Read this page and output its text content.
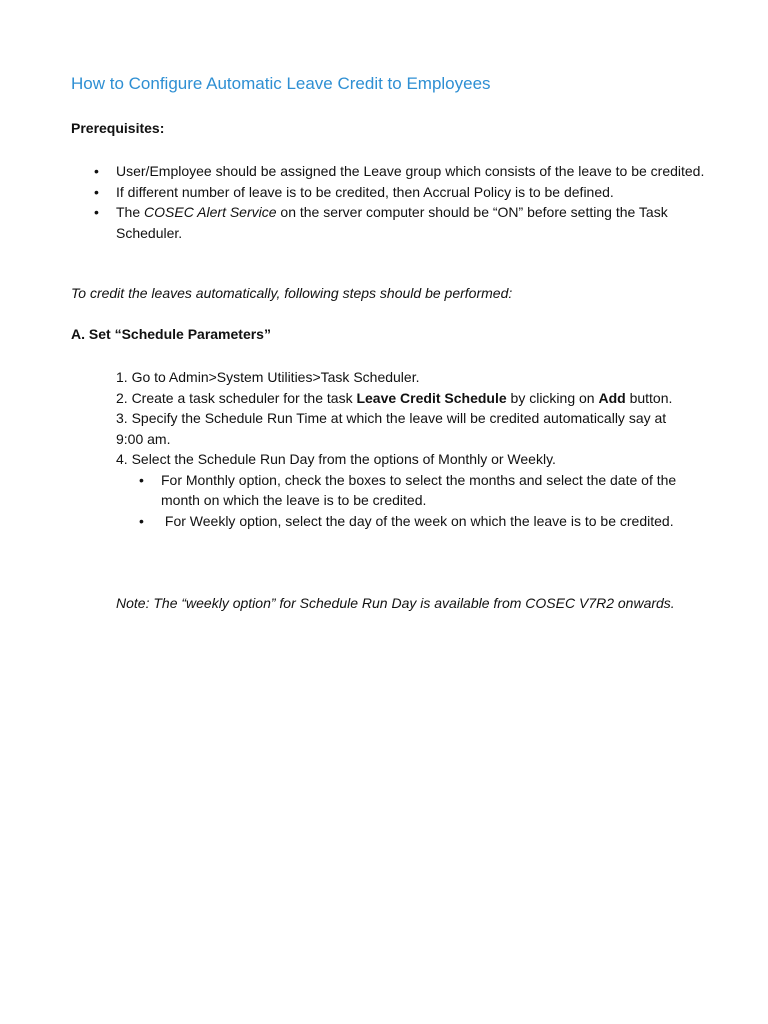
How to Configure Automatic Leave Credit to Employees

Prerequisites:

• User/Employee should be assigned the Leave group which consists of the leave to be credited.
• If different number of leave is to be credited, then Accrual Policy is to be defined.
• The COSEC Alert Service on the server computer should be “ON” before setting the Task Scheduler.

To credit the leaves automatically, following steps should be performed:

A. Set “Schedule Parameters”

1. Go to Admin>System Utilities>Task Scheduler.

2. Create a task scheduler for the task Leave Credit Schedule by clicking on Add button.

3. Specify the Schedule Run Time at which the leave will be credited automatically say at 9:00 am.

4. Select the Schedule Run Day from the options of Monthly or Weekly.

• For Monthly option, check the boxes to select the months and select the date of the month on which the leave is to be credited.
• For Weekly option, select the day of the week on which the leave is to be credited.

Note: The “weekly option” for Schedule Run Day is available from COSEC V7R2 onwards.
